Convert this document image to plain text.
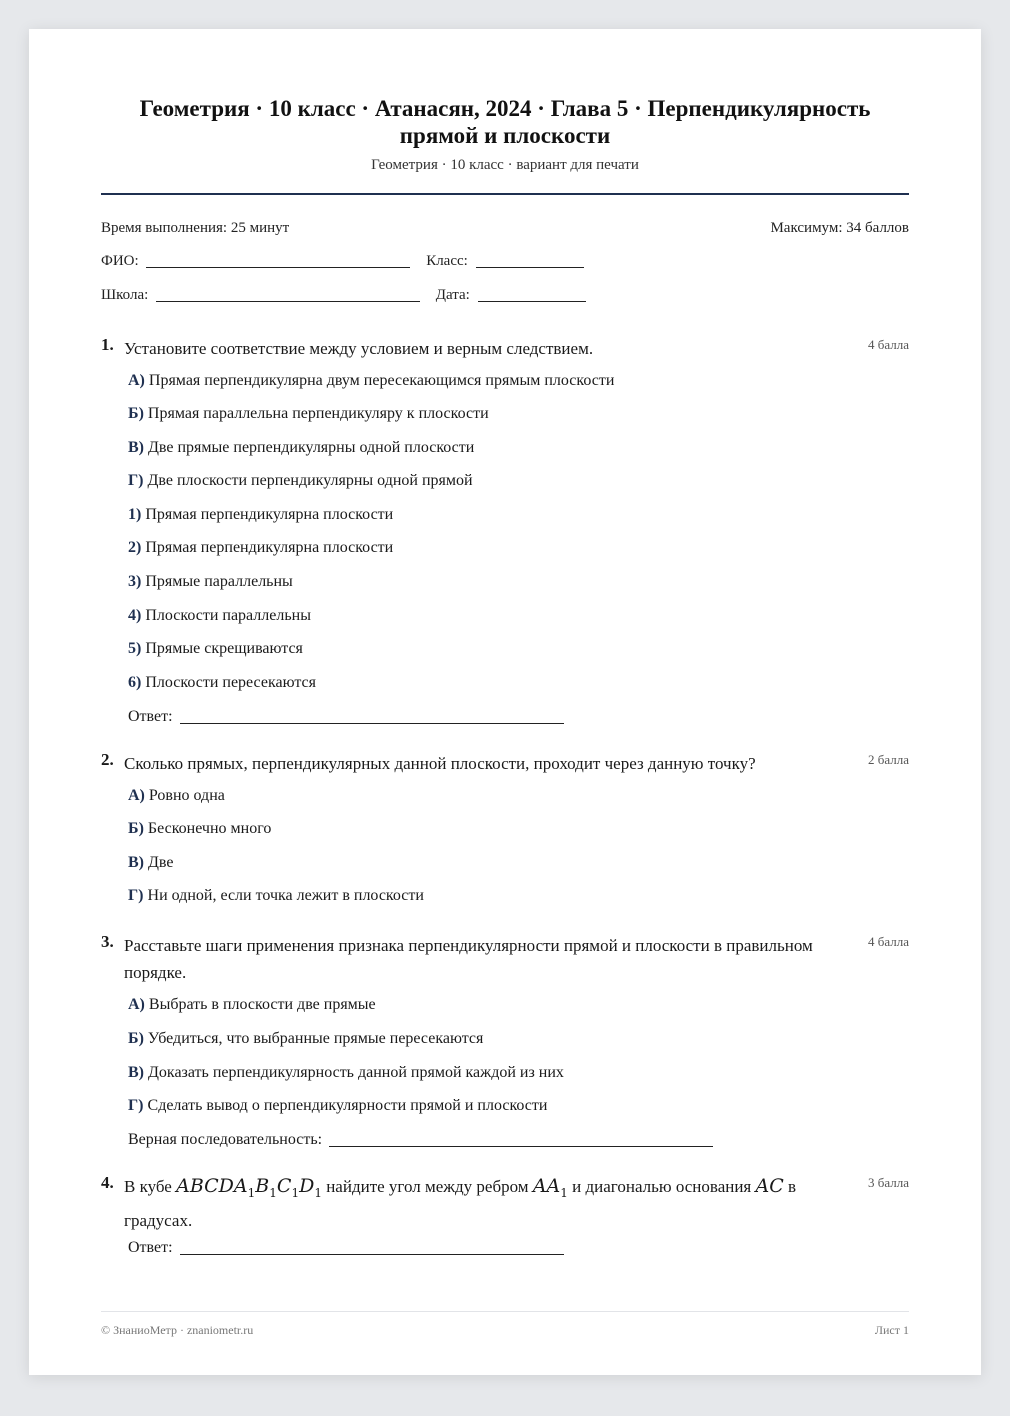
Геометрия · 10 класс · Атанасян, 2024 · Глава 5 · Перпендикулярность прямой и плоскости
Геометрия · 10 класс · вариант для печати
Время выполнения: 25 минут	Максимум: 34 баллов
ФИО:	Класс:
Школа:	Дата:
1. Установите соответствие между условием и верным следствием.	4 балла
А) Прямая перпендикулярна двум пересекающимся прямым плоскости
Б) Прямая параллельна перпендикуляру к плоскости
В) Две прямые перпендикулярны одной плоскости
Г) Две плоскости перпендикулярны одной прямой
1) Прямая перпендикулярна плоскости
2) Прямая перпендикулярна плоскости
3) Прямые параллельны
4) Плоскости параллельны
5) Прямые скрещиваются
6) Плоскости пересекаются
Ответ:
2. Сколько прямых, перпендикулярных данной плоскости, проходит через данную точку?	2 балла
А) Ровно одна
Б) Бесконечно много
В) Две
Г) Ни одной, если точка лежит в плоскости
3. Расставьте шаги применения признака перпендикулярности прямой и плоскости в правильном порядке.
4 балла
А) Выбрать в плоскости две прямые
Б) Убедиться, что выбранные прямые пересекаются
В) Доказать перпендикулярность данной прямой каждой из них
Г) Сделать вывод о перпендикулярности прямой и плоскости
Верная последовательность:
4. В кубе $ABCDA_1B_1C_1D_1$ найдите угол между ребром $AA_1$ и диагональю основания AC в градусах.
3 балла
Ответ:
© ЗнаниоМетр · znaniometr.ru	Лист 1
